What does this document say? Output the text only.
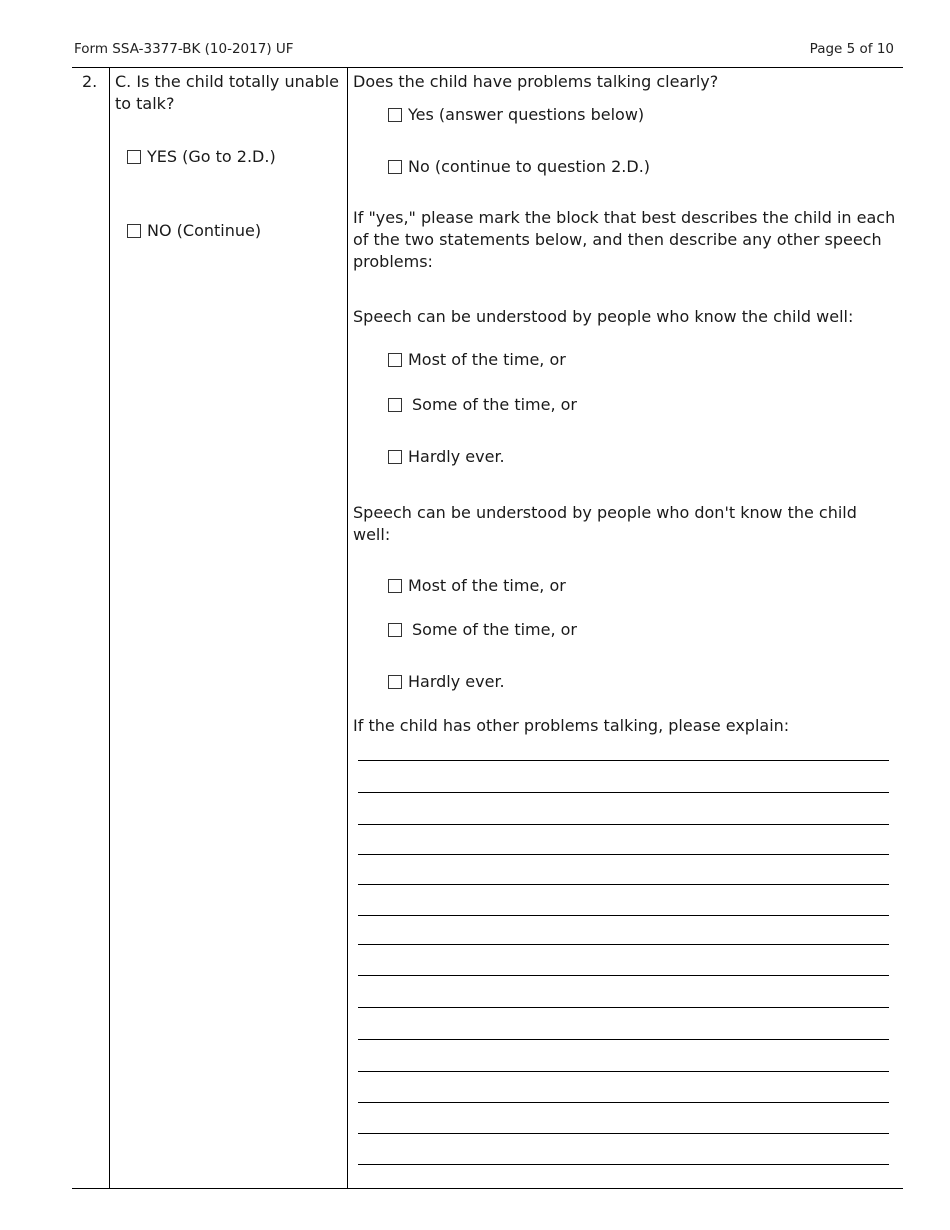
Form SSA-3377-BK (10-2017) UF	Page 5 of 10
2. C. Is the child totally unable to talk?
YES (Go to 2.D.)
NO (Continue)
Does the child have problems talking clearly?
Yes (answer questions below)
No (continue to question 2.D.)
If "yes," please mark the block that best describes the child in each of the two statements below, and then describe any other speech problems:
Speech can be understood by people who know the child well:
Most of the time, or
Some of the time, or
Hardly ever.
Speech can be understood by people who don't know the child well:
Most of the time, or
Some of the time, or
Hardly ever.
If the child has other problems talking, please explain:
